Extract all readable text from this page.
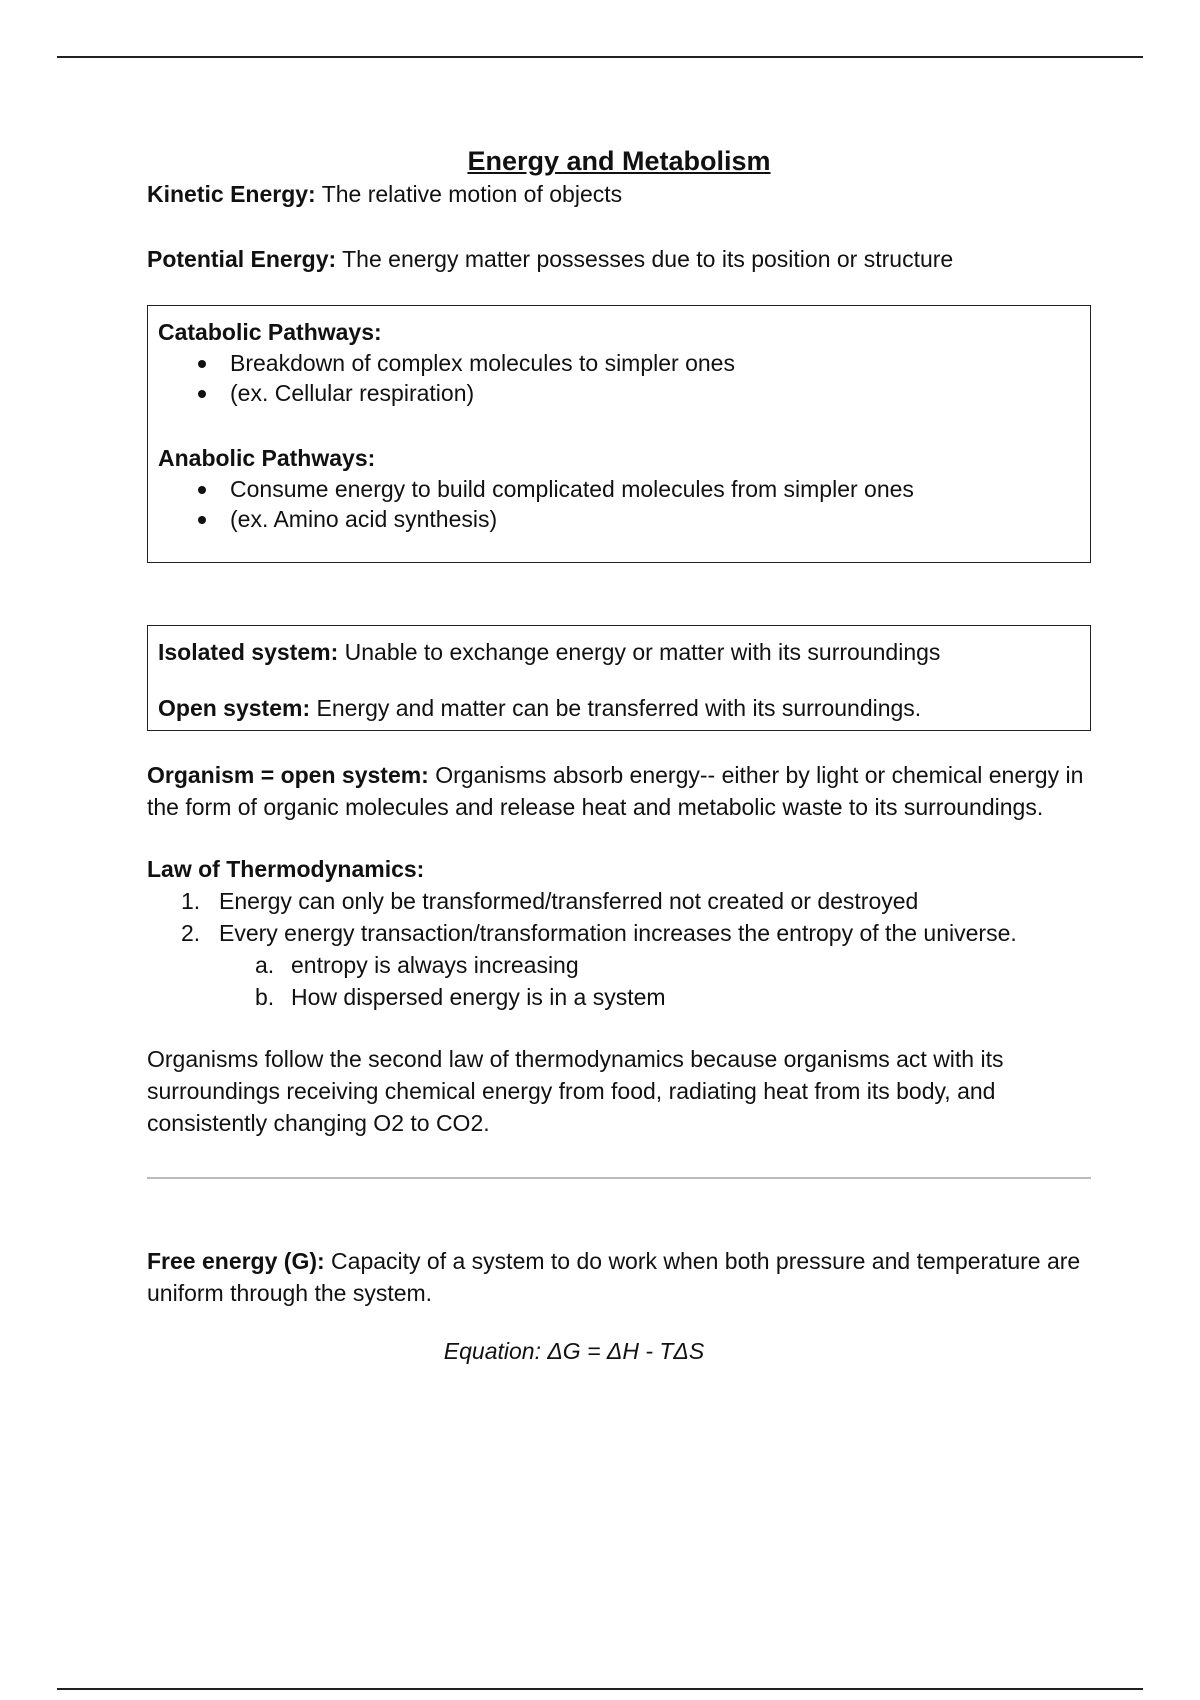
Energy and Metabolism

Kinetic Energy: The relative motion of objects

Potential Energy: The energy matter possesses due to its position or structure

Catabolic Pathways:

Breakdown of complex molecules to simpler ones
(ex. Cellular respiration)

Anabolic Pathways:

Consume energy to build complicated molecules from simpler ones
(ex. Amino acid synthesis)

Isolated system: Unable to exchange energy or matter with its surroundings

Open system: Energy and matter can be transferred with its surroundings.

Organism = open system: Organisms absorb energy-- either by light or chemical energy in the form of organic molecules and release heat and metabolic waste to its surroundings.

Law of Thermodynamics:

1. Energy can only be transformed/transferred not created or destroyed
2. Every energy transaction/transformation increases the entropy of the universe.
a. entropy is always increasing
b. How dispersed energy is in a system

Organisms follow the second law of thermodynamics because organisms act with its surroundings receiving chemical energy from food, radiating heat from its body, and consistently changing O2 to CO2.

Free energy (G): Capacity of a system to do work when both pressure and temperature are uniform through the system.

Equation: ΔG = ΔH - TΔS
